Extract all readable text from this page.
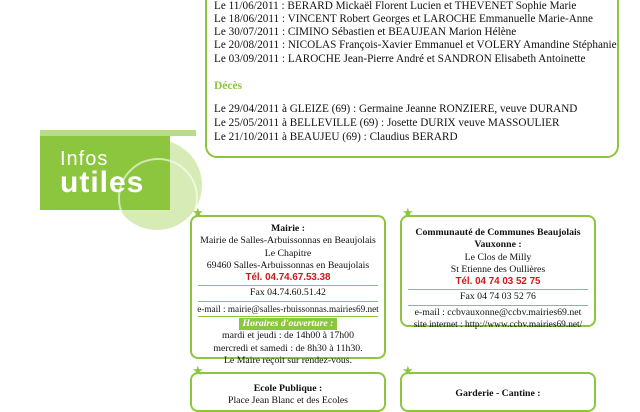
Le 11/06/2011 : BERARD Mickaël Florent Lucien et THEVENET Sophie Marie
Le 18/06/2011 : VINCENT Robert Georges et LAROCHE Emmanuelle Marie-Anne
Le 30/07/2011 : CIMINO Sébastien et BEAUJEAN Marion Hélène
Le 20/08/2011 : NICOLAS François-Xavier Emmanuel et VOLERY Amandine Stéphanie
Le 03/09/2011 : LAROCHE Jean-Pierre André et SANDRON Elisabeth Antoinette
Décès
Le 29/04/2011 à GLEIZE (69) : Germaine Jeanne RONZIERE, veuve DURAND
Le 25/05/2011 à BELLEVILLE (69) : Josette DURIX veuve MASSOULIER
Le 21/10/2011 à BEAUJEU (69) : Claudius BERARD
Infos
utiles
★
Mairie :
Mairie de Salles-Arbuissonnas en Beaujolais
Le Chapitre
69460 Salles-Arbuissonnas en Beaujolais
Tél. 04.74.67.53.38
Fax 04.74.60.51.42
e-mail : mairie@salles-rbuissonnas.mairies69.net
Horaires d'ouverture :
mardi et jeudi : de 14h00 à 17h00
mercredi et samedi : de 8h30 à 11h30.
Le Maire reçoit sur rendez-vous.
★
Communauté de Communes Beaujolais
Vauxonne :
Le Clos de Milly
St Etienne des Oullières
Tél. 04 74 03 52 75
Fax 04 74 03 52 76
e-mail : ccbvauxonne@ccbv.mairies69.net
site internet : http://www.ccbv.mairies69.net/
★
Ecole Publique :
Place Jean Blanc et des Ecoles
★
Garderie - Cantine :
